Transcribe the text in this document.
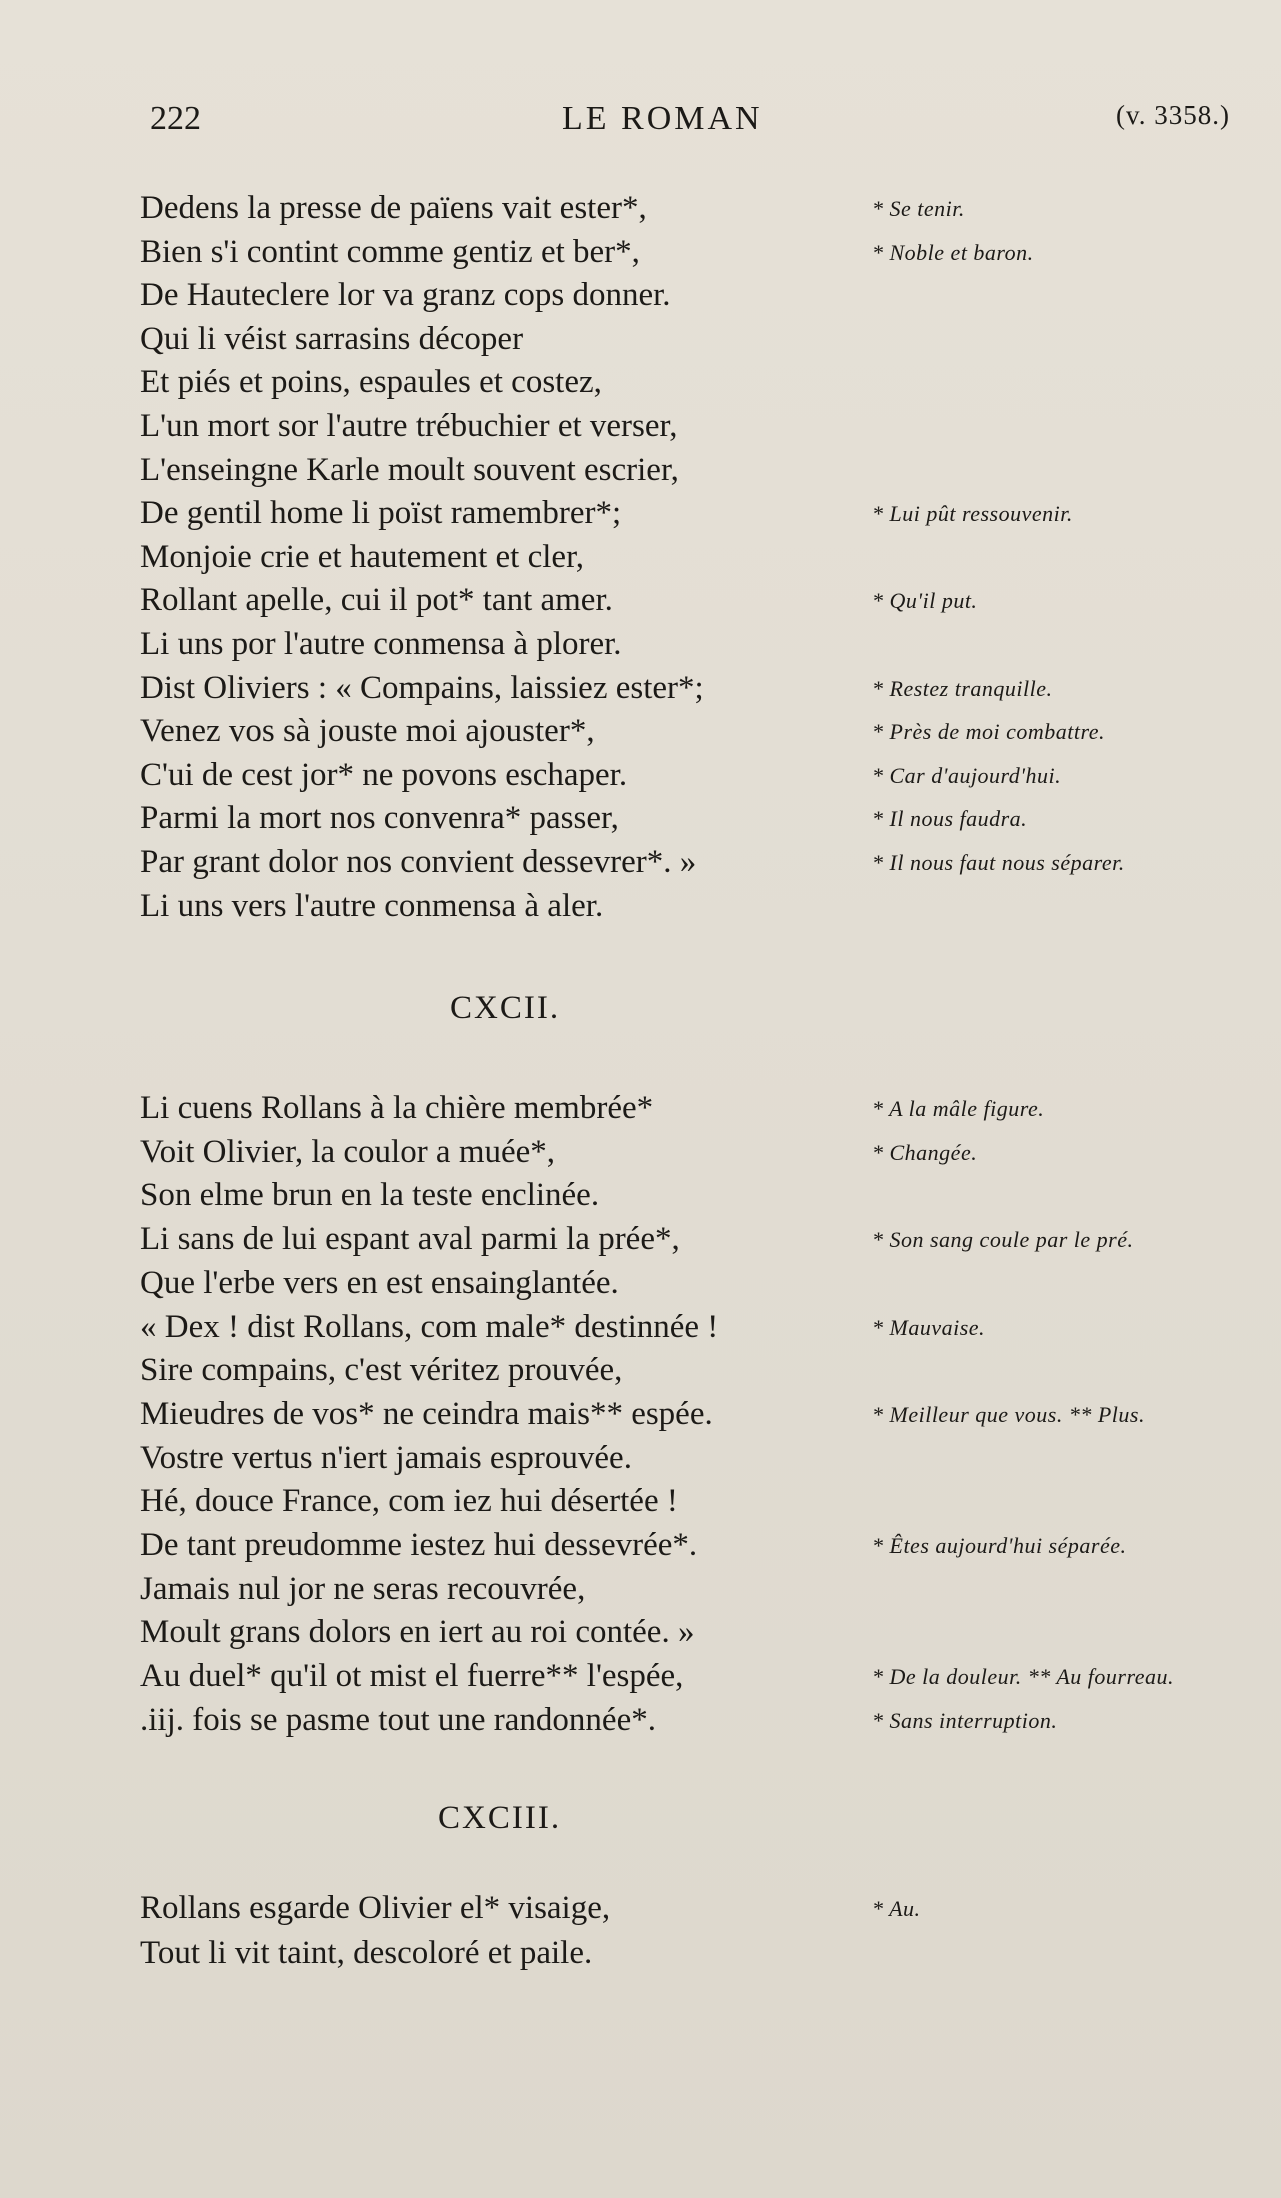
222	LE ROMAN	(v. 3358.)
CXCII.
CXCIII.
Dedens la presse de païens vait ester*,
Bien s'i contint comme gentiz et ber*,
De Hauteclere lor va granz cops donner.
Qui li véist sarrasins décoper
Et piés et poins, espaules et costez,
L'un mort sor l'autre trébuchier et verser,
L'enseingne Karle moult souvent escrier,
De gentil home li poïst ramembrer*;
Monjoie crie et hautement et cler,
Rollant apelle, cui il pot* tant amer.
Li uns por l'autre conmensa à plorer.
Dist Oliviers : « Compains, laissiez ester*;
Venez vos sà jouste moi ajouster*,
C'ui de cest jor* ne povons eschaper.
Parmi la mort nos convenra* passer,
Par grant dolor nos convient dessevrer*. »
Li uns vers l'autre conmensa à aler.
* Se tenir.
* Noble et baron.
* Lui pût ressouvenir.
* Qu'il put.
* Restez tranquille.
* Près de moi combattre.
* Car d'aujourd'hui.
* Il nous faudra.
* Il nous faut nous séparer.
Li cuens Rollans à la chière membrée*
Voit Olivier, la coulor a muée*,
Son elme brun en la teste enclinée.
Li sans de lui espant aval parmi la prée*,
Que l'erbe vers en est ensainglantée.
« Dex ! dist Rollans, com male* destinnée !
Sire compains, c'est véritez prouvée,
Mieudres de vos* ne ceindra mais** espée.
Vostre vertus n'iert jamais esprouvée.
Hé, douce France, com iez hui désertée !
De tant preudomme iestez hui dessevrée*.
Jamais nul jor ne seras recouvrée,
Moult grans dolors en iert au roi contée. »
Au duel* qu'il ot mist el fuerre** l'espée,
.iij. fois se pasme tout une randonnée*.
* A la mâle figure.
* Changée.
* Son sang coule par le pré.
* Mauvaise.
* Meilleur que vous. ** Plus.
* Êtes aujourd'hui séparée.
* De la douleur. ** Au fourreau.
* Sans interruption.
Rollans esgarde Olivier el* visaige,
Tout li vit taint, descoloré et paile.
* Au.
